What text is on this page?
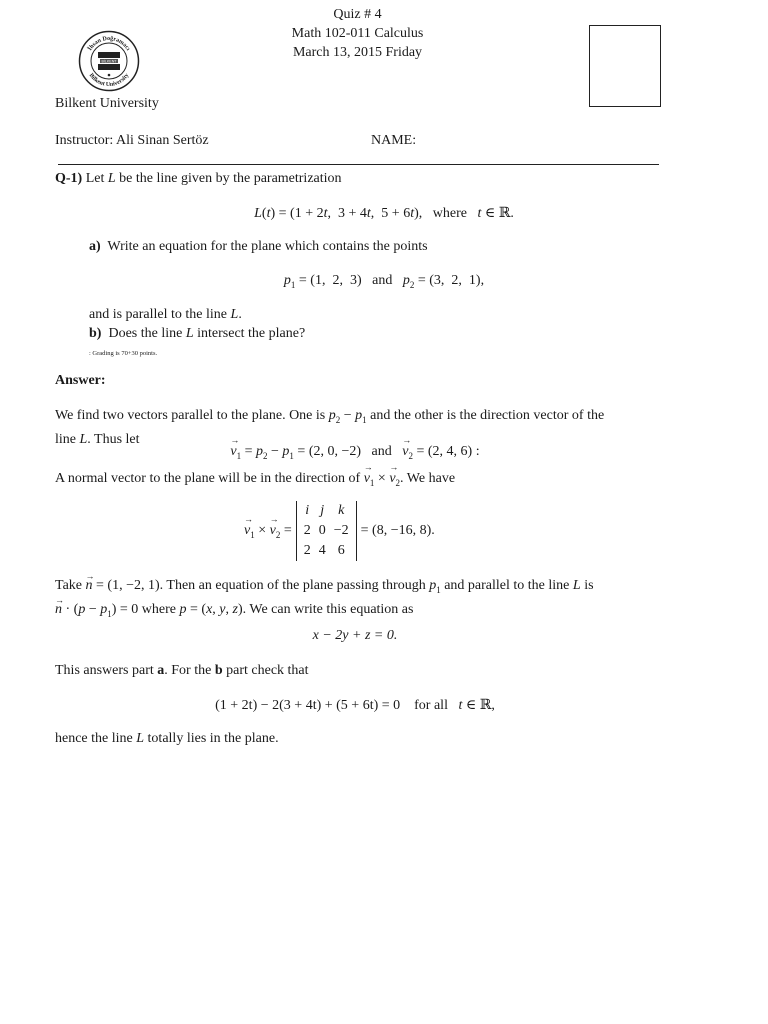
İhsan Doğramacı
Bilkent University
BİLKENT
Quiz # 4
Math 102-011 Calculus
March 13, 2015 Friday
Bilkent University
Instructor: Ali Sinan Sertöz	NAME:
Q-1) Let L be the line given by the parametrization
L(t) = (1 + 2t,  3 + 4t,  5 + 6t),   where t ∈ ℝ.
a) Write an equation for the plane which contains the points
$p_1 = (1$,  2,  3)   and $p_2 = (3$,  2,  1),
and is parallel to the line L.
b) Does the line L intersect the plane?
: Grading is 70+30 points.
Answer:
We find two vectors parallel to the plane. One is $p_2 - p_1$ and the other is the direction vector of the
line L. Thus let
→ $v_1 = p_2 - p_1 = (2$, 0, −2)   and → $v_2 = (2$, 4, 6) :
A normal vector to the plane will be in the direction of → $v_1$ × → $v_2$. We have
→ $v_1$ × → $v_2$ =
i	j	k
2	0	−2
2	4	6
= (8, −16, 8).
Take → n = (1, −2, 1). Then an equation of the plane passing through $p_1$ and parallel to the line L is
→ $n \cdot (p - p_1) = 0$ where p = (x, y, z). We can write this equation as
x − 2y + z = 0.
This answers part a. For the b part check that
(1 + 2t) − 2(3 + 4t) + (5 + 6t) = 0 for all t ∈ ℝ,
hence the line L totally lies in the plane.
